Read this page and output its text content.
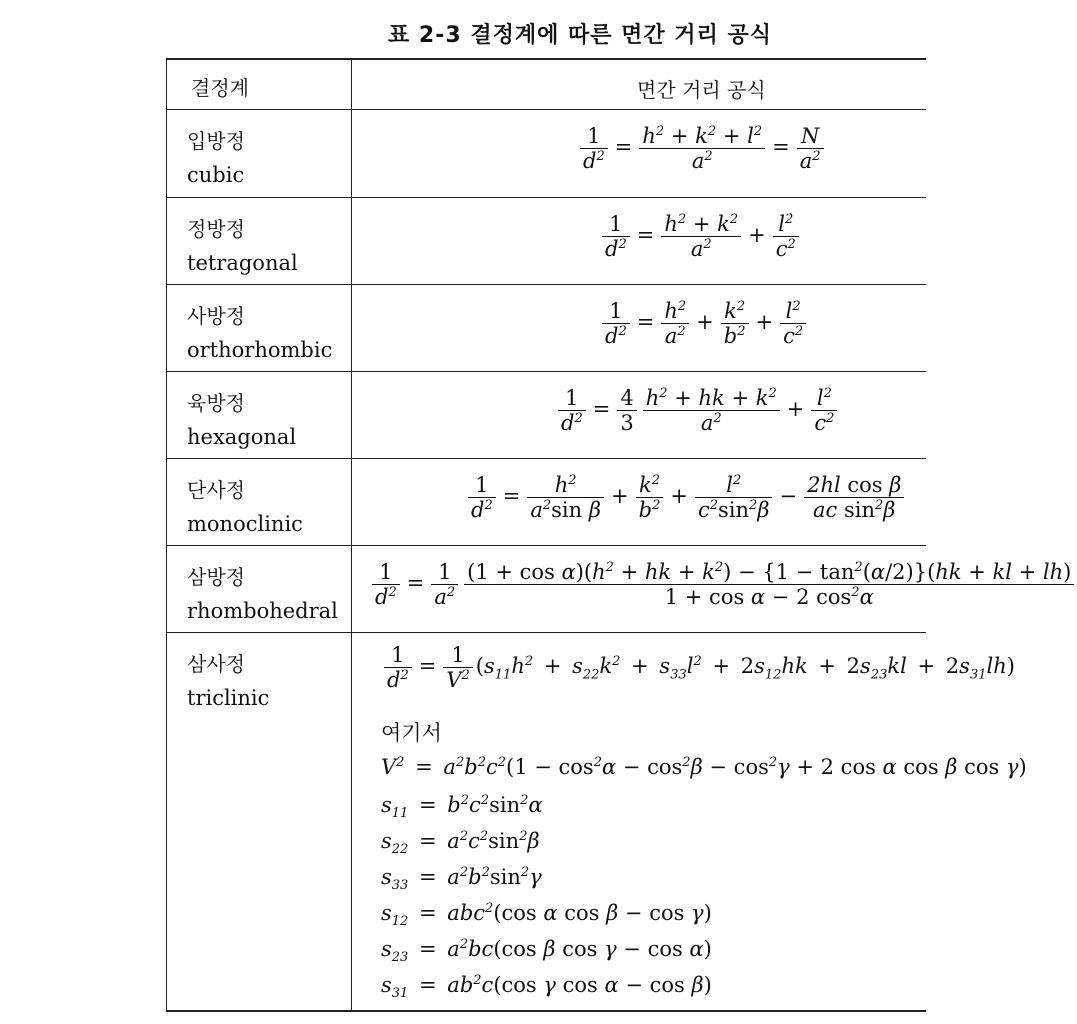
표 2-3 결정계에 따른 면간 거리 공식
결정계	면간 거리 공식
입방정
cubic
$\frac{1}{d^2} = \frac{h^2 + k^2 + l^2}{a^2} = \frac{N}{a^2}$
정방정
tetragonal
$\frac{1}{d^2} = \frac{h^2 + k^2}{a^2} + \frac{l^2}{c^2}$
사방정
orthorhombic
$\frac{1}{d^2} = \frac{h^2}{a^2} + \frac{k^2}{b^2} + \frac{l^2}{c^2}$
육방정
hexagonal
$\frac{1}{d^2} = \frac{4}{3} \frac{h^2 + hk + k^2}{a^2} + \frac{l^2}{c^2}$
단사정
monoclinic
$\frac{1}{d^2} = \frac{h^2}{a^2\sin \beta} + \frac{k^2}{b^2} + \frac{l^2}{c^2\sin^2\beta} - \frac{\text{2hl cos β}}{ac \sin^2\beta}$
삼방정
rhombohedral
$\frac{1}{d^2} = \frac{1}{a^2} \frac{(1 + \cos \alpha)(h^2 + hk + k^2) - \{1 - \tan^2(\alpha/2)\}(hk + kl + lh)}{1 + \cos \alpha - 2 \cos^2\alpha}$
삼사정
triclinic
$\frac{1}{d^2} = \frac{1}{V^2} (s_{11}h^2 + s_{22}k^2 + s_{33}l^2 + 2s_{12}hk + 2s_{23}kl + 2s_{31}lh)$
여기서
$V^2 = a^2b^2c^2(1 - \cos^2\alpha - \cos^2\beta - \cos^2\gamma + 2$ cos α cos β cos γ)
$s_{11} = b^2c^2\sin^2\alpha$
$s_{22} = a^2c^2\sin^2\beta$
$s_{33} = a^2b^2\sin^2\gamma$
$s_{12} = abc^2(\cos$ α cos β − cos γ)
$s_{23} = a^2bc(\cos$ β cos γ − cos α)
$s_{31} = ab^2c(\cos$ γ cos α − cos β)
